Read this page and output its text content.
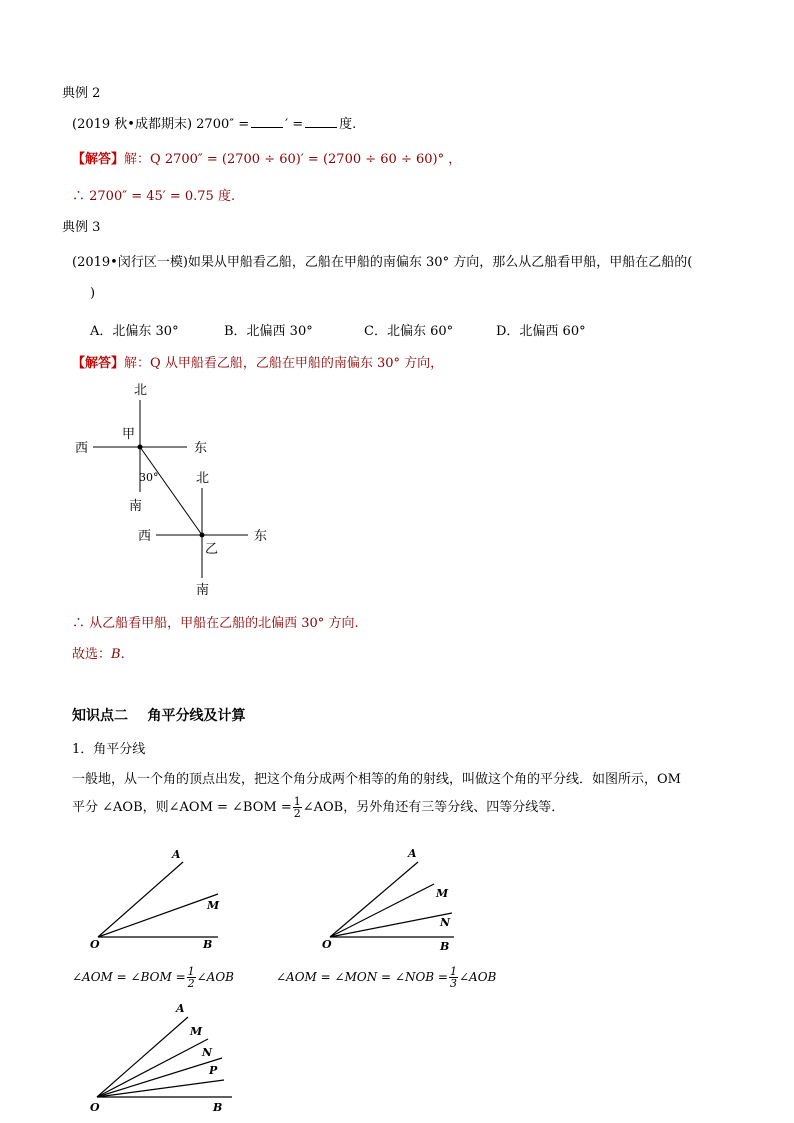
典例 2
(2019 秋•成都期末) 2700″ =	′ =	度.
【解答】解：Q 2700″ = (2700 ÷ 60)′ = (2700 ÷ 60 ÷ 60)° ，
∴ 2700″ = 45′ = 0.75 度.
典例 3
(2019•闵行区一模)如果从甲船看乙船，乙船在甲船的南偏东 30° 方向，那么从乙船看甲船，甲船在乙船的(
)
A．北偏东 30°	B．北偏西 30°	C．北偏东 60°	D．北偏西 60°
【解答】解：Q 从甲船看乙船，乙船在甲船的南偏东 30° 方向，
北
西
甲
东
南
30°	北
西
乙
东
南
∴ 从乙船看甲船，甲船在乙船的北偏西 30° 方向.
故选：B.
知识点二    角平分线及计算
1．角平分线
一般地，从一个角的顶点出发，把这个角分成两个相等的角的射线，叫做这个角的平分线．如图所示，OM
平分 ∠AOB，则∠AOM = ∠BOM = $\frac{1}{2}$ ∠AOB，另外角还有三等分线、四等分线等．
A
M
O	B
∠AOM = ∠BOM = $\frac{1}{2}$ ∠AOB
A
M
N
O	B
∠AOM = ∠MON = ∠NOB = $\frac{1}{3}$ ∠AOB
A
M
N
P
O	B
